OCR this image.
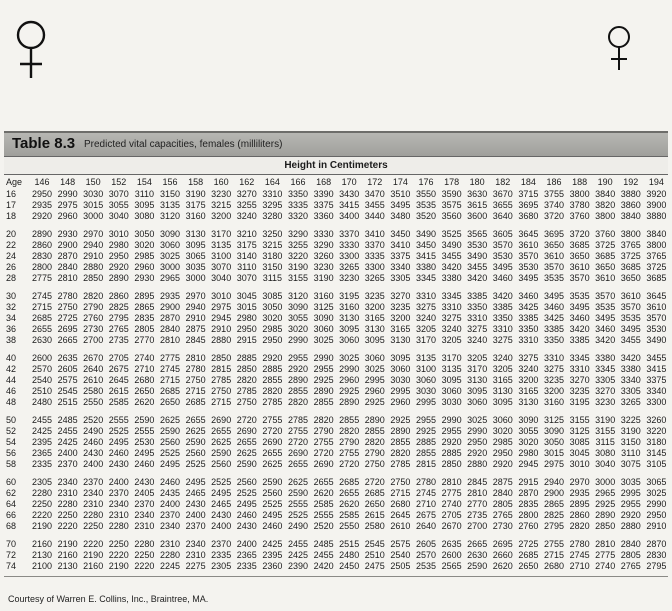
Table 8.3 Predicted vital capacities, females (milliliters)
Height in Centimeters
Age	146	148	150	152	154	156	158	160	162	164	166	168	170	172	174	176	178	180	182	184	186	188	190	192	194
16	2950 2990 3030 3070 3110 3150 3190 3230 3270 3310 3350 3390 3430 3470 3510 3550 3590 3630 3670 3715 3755 3800 3840 3880 3920
17	2935 2975 3015 3055 3095 3135 3175 3215 3255 3295 3335 3375 3415 3455 3495 3535 3575 3615 3655 3695 3740 3780 3820 3860 3900
18	2920 2960 3000 3040 3080 3120 3160 3200 3240 3280 3320 3360 3400 3440 3480 3520 3560 3600 3640 3680 3720 3760 3800 3840 3880
20	2890 2930 2970 3010 3050 3090 3130 3170 3210 3250 3290 3330 3370 3410 3450 3490 3525 3565 3605 3645 3695 3720 3760 3800 3840
22	2860 2900 2940 2980 3020 3060 3095 3135 3175 3215 3255 3290 3330 3370 3410 3450 3490 3530 3570 3610 3650 3685 3725 3765 3800
24	2830 2870 2910 2950 2985 3025 3065 3100 3140 3180 3220 3260 3300 3335 3375 3415 3455 3490 3530 3570 3610 3650 3685 3725 3765
26	2800 2840 2880 2920 2960 3000 3035 3070 3110 3150 3190 3230 3265 3300 3340 3380 3420 3455 3495 3530 3570 3610 3650 3685 3725
28	2775 2810 2850 2890 2930 2965 3000 3040 3070 3115 3155 3190 3230 3265 3305 3345 3380 3420 3460 3495 3535 3570 3610 3650 3685
30	2745 2780 2820 2860 2895 2935 2970 3010 3045 3085 3120 3160 3195 3235 3270 3310 3345 3385 3420 3460 3495 3535 3570 3610 3645
32	2715 2750 2790 2825 2865 2900 2940 2975 3015 3050 3090 3125 3160 3200 3235 3275 3310 3350 3385 3425 3460 3495 3535 3570 3610
34	2685 2725 2760 2795 2835 2870 2910 2945 2980 3020 3055 3090 3130 3165 3200 3240 3275 3310 3350 3385 3425 3460 3495 3535 3570
36	2655 2695 2730 2765 2805 2840 2875 2910 2950 2985 3020 3060 3095 3130 3165 3205 3240 3275 3310 3350 3385 3420 3460 3495 3530
38	2630 2665 2700 2735 2770 2810 2845 2880 2915 2950 2990 3025 3060 3095 3130 3170 3205 3240 3275 3310 3350 3385 3420 3455 3490
40	2600 2635 2670 2705 2740 2775 2810 2850 2885 2920 2955 2990 3025 3060 3095 3135 3170 3205 3240 3275 3310 3345 3380 3420 3455
42	2570 2605 2640 2675 2710 2745 2780 2815 2850 2885 2920 2955 2990 3025 3060 3100 3135 3170 3205 3240 3275 3310 3345 3380 3415
44	2540 2575 2610 2645 2680 2715 2750 2785 2820 2855 2890 2925 2960 2995 3030 3060 3095 3130 3165 3200 3235 3270 3305 3340 3375
46	2510 2545 2580 2615 2650 2685 2715 2750 2785 2820 2855 2890 2925 2960 2995 3030 3060 3095 3130 3165 3200 3235 3270 3305 3340
48	2480 2515 2550 2585 2620 2650 2685 2715 2750 2785 2820 2855 2890 2925 2960 2995 3030 3060 3095 3130 3160 3195 3230 3265 3300
50	2455 2485 2520 2555 2590 2625 2655 2690 2720 2755 2785 2820 2855 2890 2925 2955 2990 3025 3060 3090 3125 3155 3190 3225 3260
52	2425 2455 2490 2525 2555 2590 2625 2655 2690 2720 2755 2790 2820 2855 2890 2925 2955 2990 3020 3055 3090 3125 3155 3190 3220
54	2395 2425 2460 2495 2530 2560 2590 2625 2655 2690 2720 2755 2790 2820 2855 2885 2920 2950 2985 3020 3050 3085 3115 3150 3180
56	2365 2400 2430 2460 2495 2525 2560 2590 2625 2655 2690 2720 2755 2790 2820 2855 2885 2920 2950 2980 3015 3045 3080 3110 3145
58	2335 2370 2400 2430 2460 2495 2525 2560 2590 2625 2655 2690 2720 2750 2785 2815 2850 2880 2920 2945 2975 3010 3040 3075 3105
60	2305 2340 2370 2400 2430 2460 2495 2525 2560 2590 2625 2655 2685 2720 2750 2780 2810 2845 2875 2915 2940 2970 3000 3035 3065
62	2280 2310 2340 2370 2405 2435 2465 2495 2525 2560 2590 2620 2655 2685 2715 2745 2775 2810 2840 2870 2900 2935 2965 2995 3025
64	2250 2280 2310 2340 2370 2400 2430 2465 2495 2525 2555 2585 2620 2650 2680 2710 2740 2770 2805 2835 2865 2895 2925 2955 2990
66	2220 2250 2280 2310 2340 2370 2400 2430 2460 2495 2525 2555 2585 2615 2645 2675 2705 2735 2765 2800 2825 2860 2890 2920 2950
68	2190 2220 2250 2280 2310 2340 2370 2400 2430 2460 2490 2520 2550 2580 2610 2640 2670 2700 2730 2760 2795 2820 2850 2880 2910
70	2160 2190 2220 2250 2280 2310 2340 2370 2400 2425 2455 2485 2515 2545 2575 2605 2635 2665 2695 2725 2755 2780 2810 2840 2870
72	2130 2160 2190 2220 2250 2280 2310 2335 2365 2395 2425 2455 2480 2510 2540 2570 2600 2630 2660 2685 2715 2745 2775 2805 2830
74	2100 2130 2160 2190 2220 2245 2275 2305 2335 2360 2390 2420 2450 2475 2505 2535 2565 2590 2620 2650 2680 2710 2740 2765 2795
Courtesy of Warren E. Collins, Inc., Braintree, MA.
